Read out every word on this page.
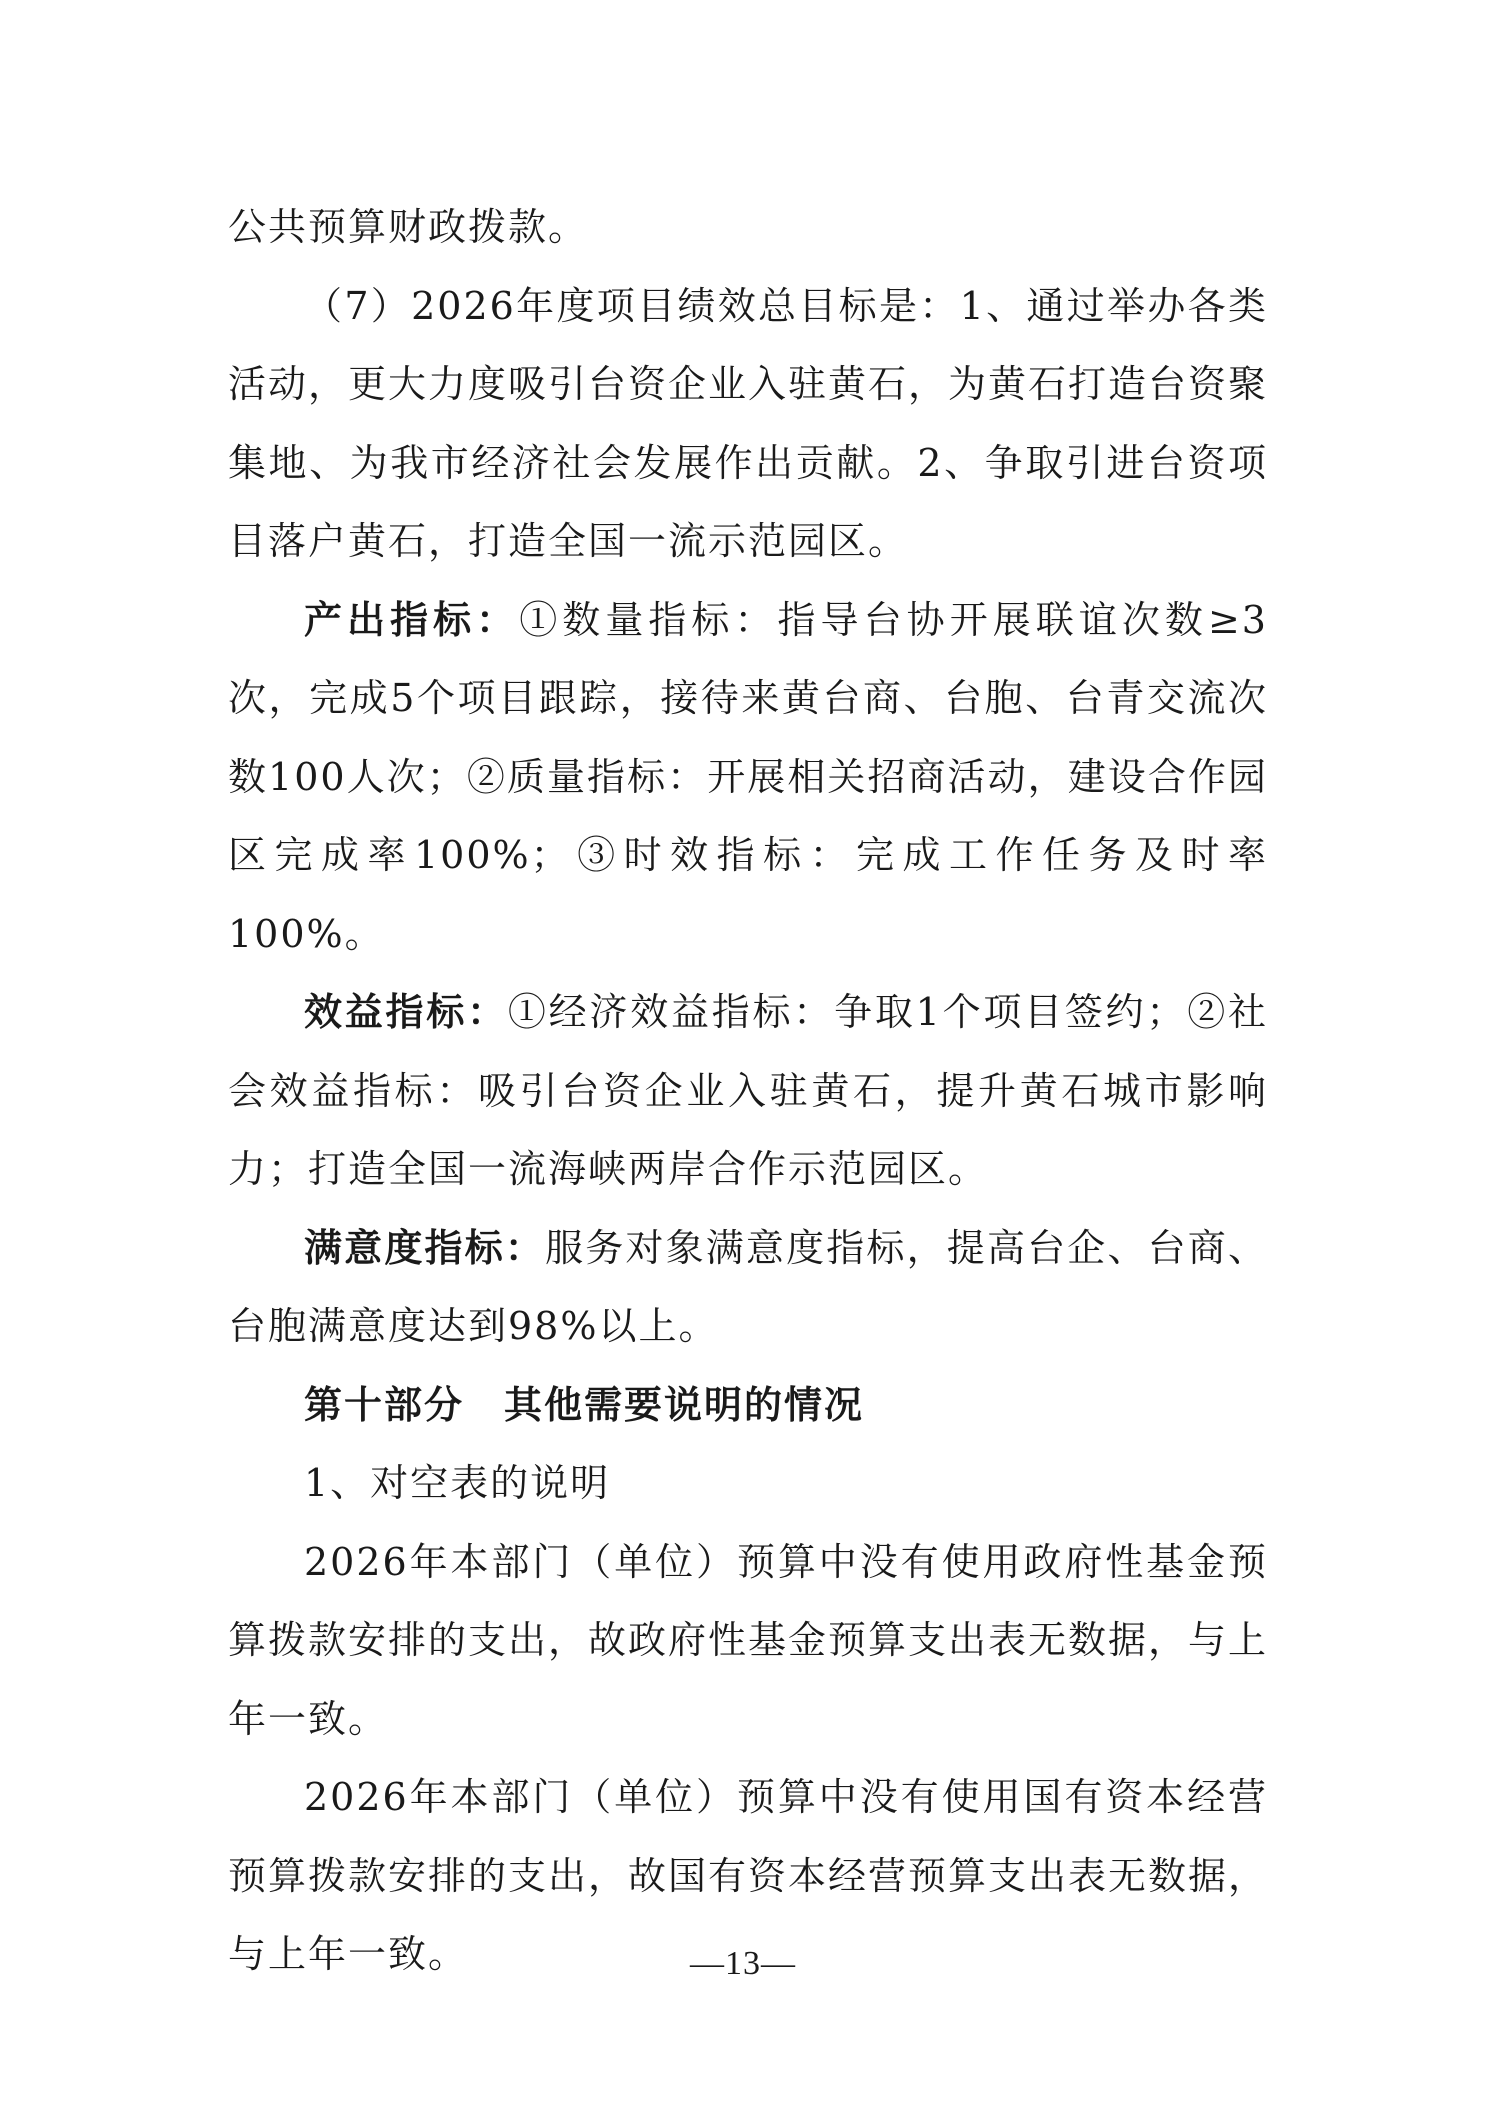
公共预算财政拨款。

（7）2026年度项目绩效总目标是：1、通过举办各类活动，更大力度吸引台资企业入驻黄石，为黄石打造台资聚集地、为我市经济社会发展作出贡献。2、争取引进台资项目落户黄石，打造全国一流示范园区。

产出指标：①数量指标：指导台协开展联谊次数≥3次，完成5个项目跟踪，接待来黄台商、台胞、台青交流次数100人次；②质量指标：开展相关招商活动，建设合作园区完成率100%；③时效指标：完成工作任务及时率100%。

效益指标：①经济效益指标：争取1个项目签约；②社会效益指标：吸引台资企业入驻黄石，提升黄石城市影响力；打造全国一流海峡两岸合作示范园区。

满意度指标：服务对象满意度指标，提高台企、台商、台胞满意度达到98%以上。

第十部分　其他需要说明的情况

1、对空表的说明

2026年本部门（单位）预算中没有使用政府性基金预算拨款安排的支出，故政府性基金预算支出表无数据，与上年一致。

2026年本部门（单位）预算中没有使用国有资本经营预算拨款安排的支出，故国有资本经营预算支出表无数据，与上年一致。	—13—
